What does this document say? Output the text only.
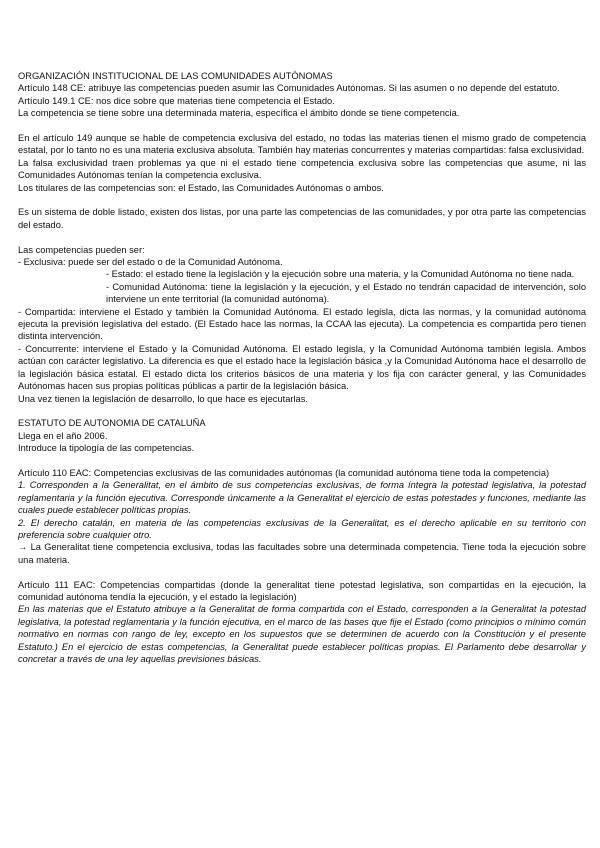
ORGANIZACIÓN INSTITUCIONAL DE LAS COMUNIDADES AUTÓNOMAS

Artículo 148 CE: atribuye las competencias pueden asumir las Comunidades Autónomas. Si las asumen o no depende del estatuto.

Artículo 149.1 CE: nos dice sobre que materias tiene competencia el Estado.

La competencia se tiene sobre una determinada materia, específica el ámbito donde se tiene competencia.

En el artículo 149 aunque se hable de competencia exclusiva del estado, no todas las materias tienen el mismo grado de competencia estatal, por lo tanto no es una materia exclusiva absoluta. También hay materias concurrentes y materias compartidas: falsa exclusividad.

La falsa exclusividad traen problemas ya que ni el estado tiene competencia exclusiva sobre las competencias que asume, ni las Comunidades Autónomas tenían la competencia exclusiva.

Los titulares de las competencias son: el Estado, las Comunidades Autónomas o ambos.

Es un sistema de doble listado, existen dos listas, por una parte las competencias de las comunidades, y por otra parte las competencias del estado.

Las competencias pueden ser:

- Exclusiva: puede ser del estado o de la Comunidad Autónoma.

- Estado: el estado tiene la legislación y la ejecución sobre una materia, y la Comunidad Autónoma no tiene nada.

- Comunidad Autónoma: tiene la legislación y la ejecución, y el Estado no tendrán capacidad de intervención, solo interviene un ente territorial (la comunidad autónoma).

- Compartida: interviene el Estado y también la Comunidad Autónoma. El estado legisla, dicta las normas, y la comunidad autónoma ejecuta la previsión legislativa del estado. (El Estado hace las normas, la CCAA las ejecuta). La competencia es compartida pero tienen distinta intervención.

- Concurrente: interviene el Estado y la Comunidad Autónoma. El estado legisla, y la Comunidad Autónoma también legisla. Ambos actúan con carácter legislativo. La diferencia es que el estado hace la legislación básica ,y la Comunidad Autónoma hace el desarrollo de la legislación básica estatal. El estado dicta los criterios básicos de una materia y los fija con carácter general, y las Comunidades Autónomas hacen sus propias políticas públicas a partir de la legislación básica.

Una vez tienen la legislación de desarrollo, lo que hace es ejecutarlas.

ESTATUTO DE AUTONOMIA DE CATALUÑA

Llega en el año 2006.

Introduce la tipología de las competencias.

Artículo 110 EAC: Competencias exclusivas de las comunidades autónomas (la comunidad autónoma tiene toda la competencia)

1. Corresponden a la Generalitat, en el ámbito de sus competencias exclusivas, de forma íntegra la potestad legislativa, la potestad reglamentaria y la función ejecutiva. Corresponde únicamente a la Generalitat el ejercicio de estas potestades y funciones, mediante las cuales puede establecer políticas propias.

2. El derecho catalán, en materia de las competencias exclusivas de la Generalitat, es el derecho aplicable en su territorio con preferencia sobre cualquier otro.

→ La Generalitat tiene competencia exclusiva, todas las facultades sobre una determinada competencia. Tiene toda la ejecución sobre una materia.

Artículo 111 EAC: Competencias compartidas (donde la generalitat tiene potestad legislativa, son compartidas en la ejecución, la comunidad autónoma tendía la ejecución, y el estado la legislación)

En las materias que el Estatuto atribuye a la Generalitat de forma compartida con el Estado, corresponden a la Generalitat la potestad legislativa, la potestad reglamentaria y la función ejecutiva, en el marco de las bases que fije el Estado (como principios o mínimo común normativo en normas con rango de ley, excepto en los supuestos que se determinen de acuerdo con la Constitución y el presente Estatuto.) En el ejercicio de estas competencias, la Generalitat puede establecer políticas propias. El Parlamento debe desarrollar y concretar a través de una ley aquellas previsiones básicas.
